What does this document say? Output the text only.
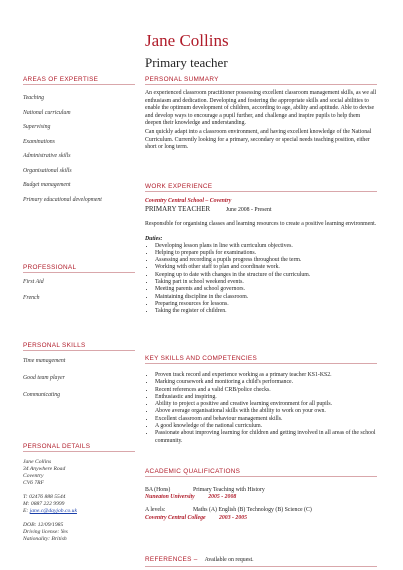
Jane Collins
Primary teacher
AREAS OF EXPERTISE
Teaching
National curriculum
Supervising
Examinations
Administrative skills
Organisational skills
Budget management
Primary educational development
PROFESSIONAL
First Aid
French
PERSONAL SKILLS
Time management
Good team player
Communicating
PERSONAL DETAILS
Jane Collins
34 Anywhere Road
Coventry
CV6 7RF
T: 02476 888 5544
M: 0887 222 9999
E: jane.c@dayjob.co.uk
DOB: 12/09/1985
Driving license: Yes
Nationality: British
PERSONAL SUMMARY

An experienced classroom practitioner possessing excellent classroom management skills, as we all enthusiasm and dedication. Developing and fostering the appropriate skills and social abilities to enable the optimum development of children, according to age, ability and aptitude. Able to devise and develop ways to encourage a pupil further, and challenge and inspire pupils to help them deepen their knowledge and understanding.

Can quickly adapt into a classroom environment, and having excellent knowledge of the National Curriculum. Currently looking for a primary, secondary or special needs teaching position, either short or long term.

WORK EXPERIENCE
Coventry Central School – Coventry
PRIMARY TEACHER	June 2008 - Present

Responsible for organising classes and learning resources to create a positive learning environment.

Duties:
• Developing lesson plans in line with curriculum objectives.
• Helping to prepare pupils for examinations.
• Assessing and recording a pupils progress throughout the term.
• Working with other staff to plan and coordinate work.
• Keeping up to date with changes in the structure of the curriculum.
• Taking part in school weekend events.
• Meeting parents and school governors.
• Maintaining discipline in the classroom.
• Preparing resources for lessons.
• Taking the register of children.
KEY SKILLS AND COMPETENCIES
• Proven track record and experience working as a primary teacher KS1-KS2.
• Marking coursework and monitoring a child's performance.
• Recent references and a valid CRB/police checks.
• Enthusiastic and inspiring.
• Ability to project a positive and creative learning environment for all pupils.
• Above average organisational skills with the ability to work on your own.
• Excellent classroom and behaviour management skills.
• A good knowledge of the national curriculum.
• Passionate about improving learning for children and getting involved in all areas of the school community.
ACADEMIC QUALIFICATIONS
BA (Hons)	Primary Teaching with History
Nuneaton University 2005 - 2008
A levels:	Maths (A) English (B) Technology (B) Science (C)
Coventry Central College 2003 - 2005
REFERENCES – Available on request.
